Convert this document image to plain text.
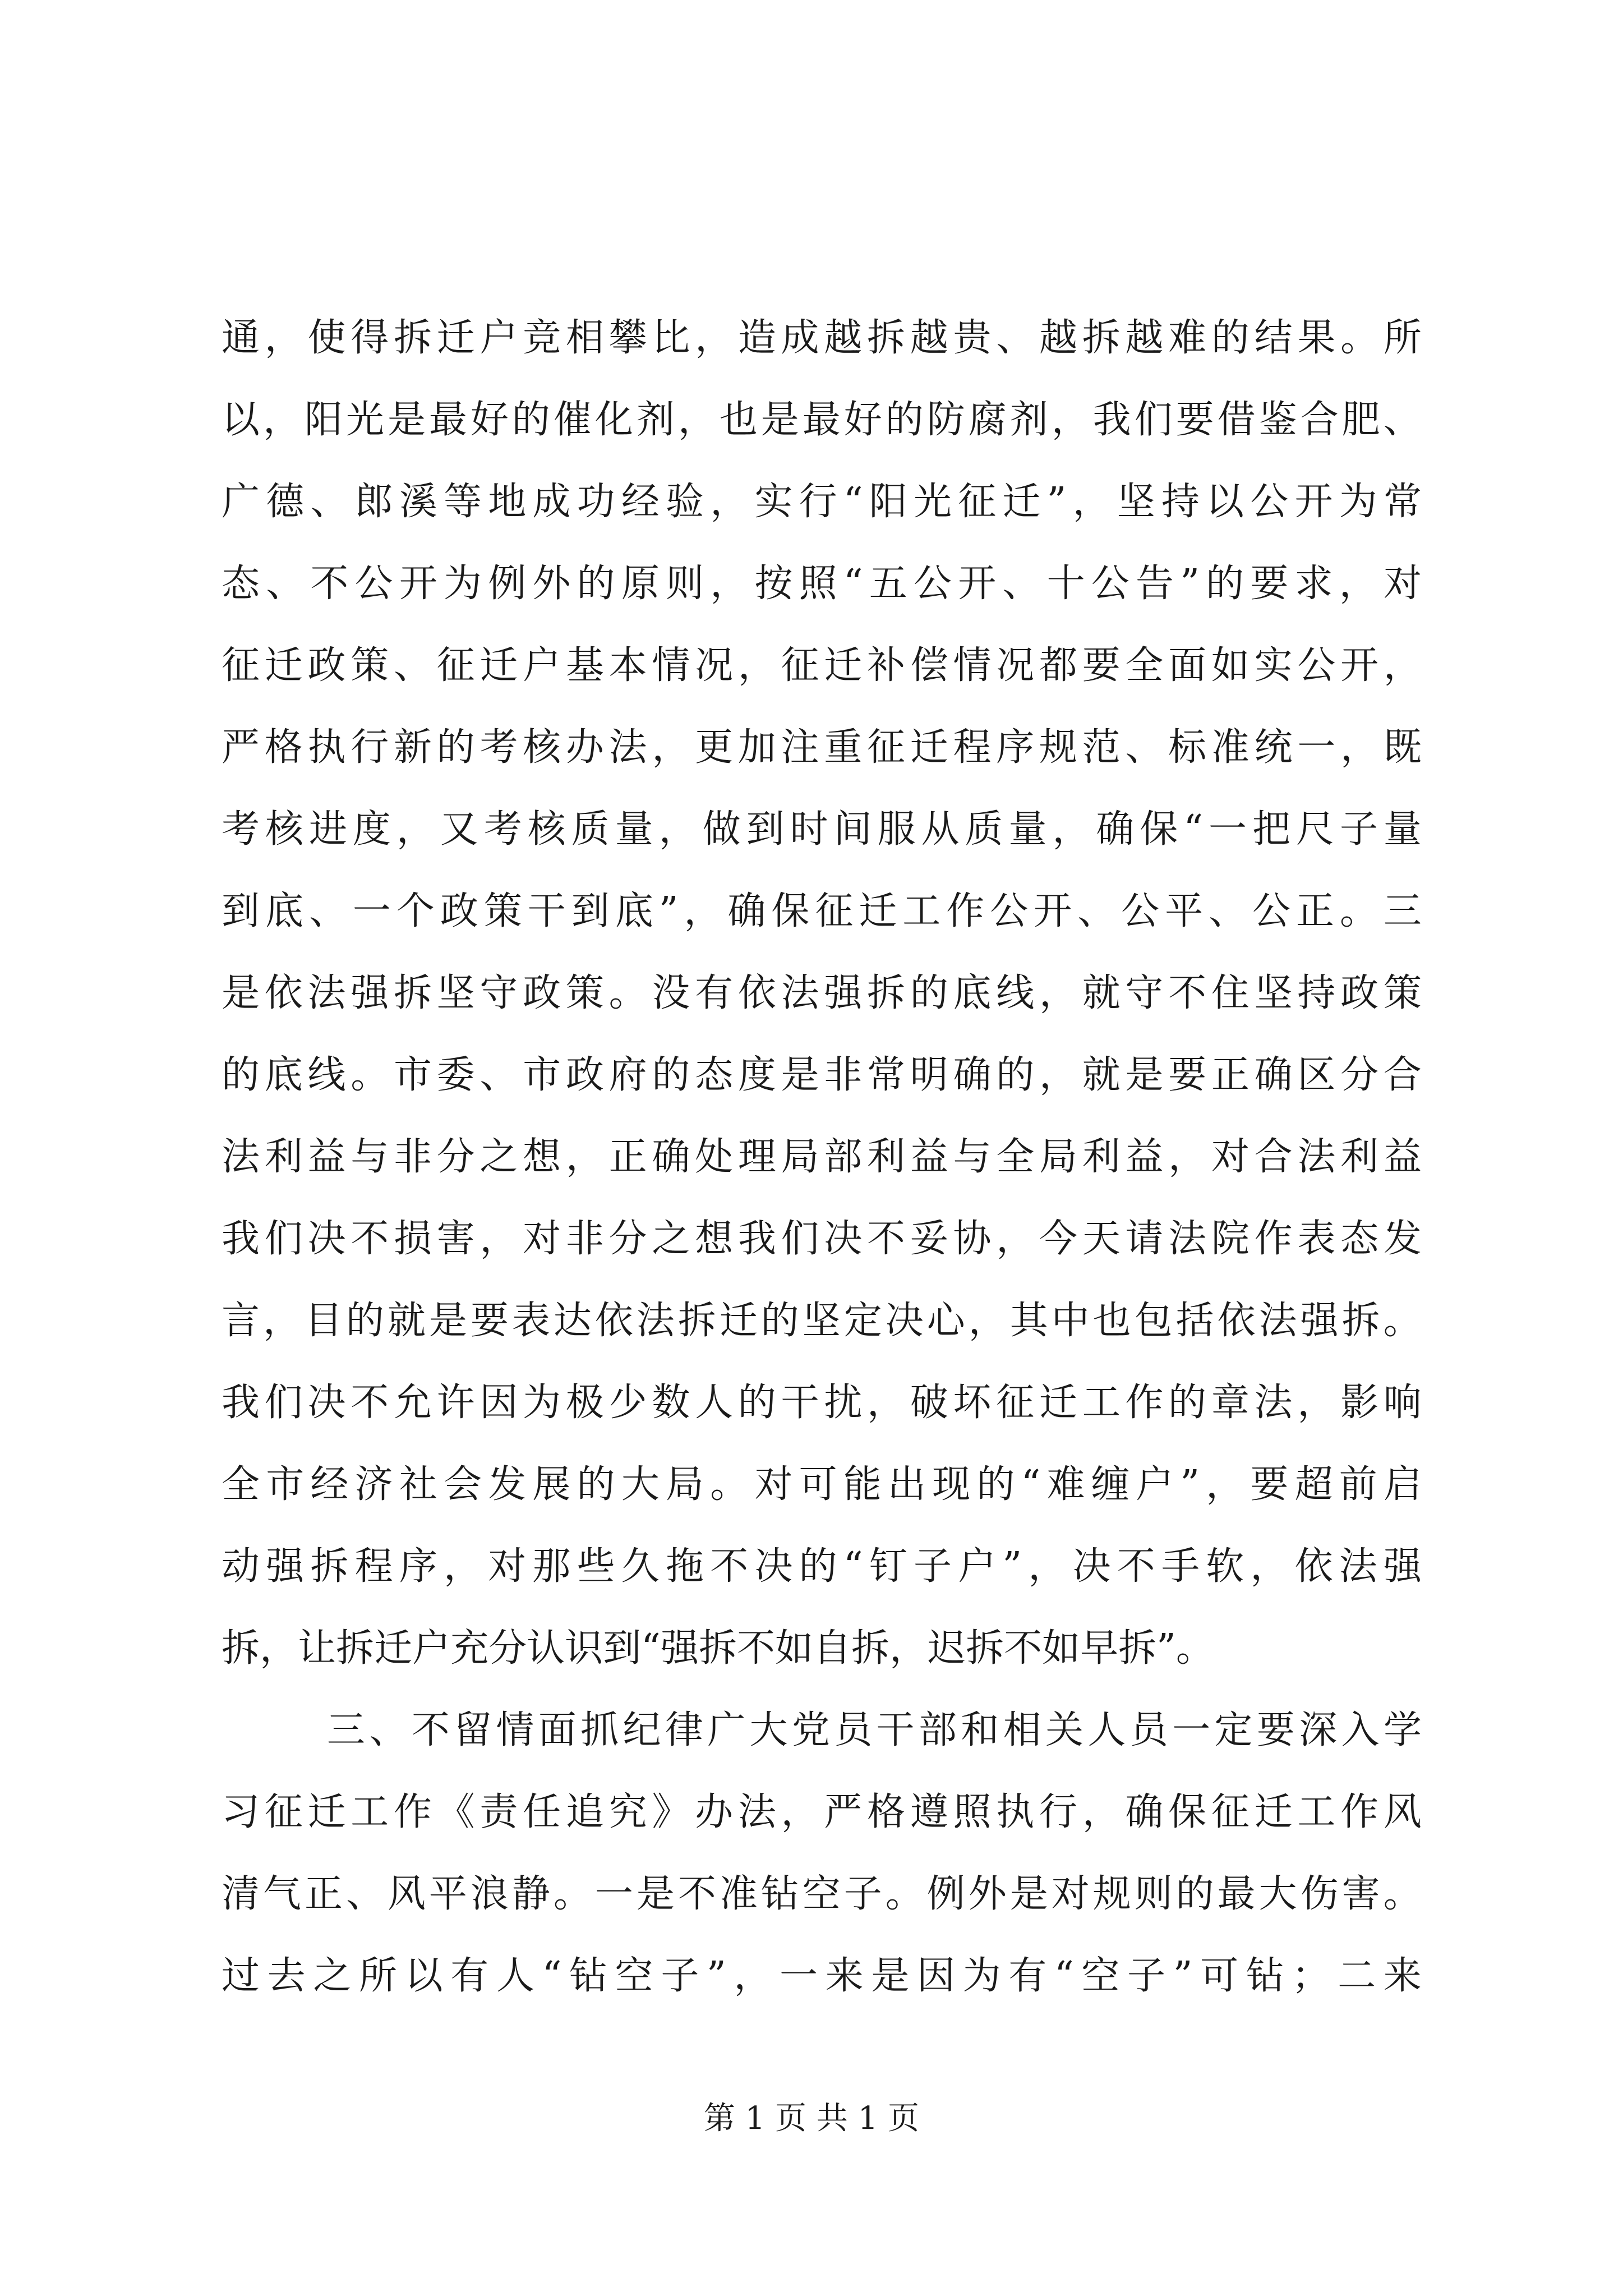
通 ， 使 得 拆 迁 户 竞 相 攀 比 ， 造 成 越 拆 越 贵 、 越 拆 越 难 的 结 果 。 所
以 ， 阳 光 是 最 好 的 催 化 剂 ， 也 是 最 好 的 防 腐 剂 ， 我 们 要 借 鉴 合 肥 、
广 德 、 郎 溪 等 地 成 功 经 验 ， 实 行 “ 阳 光 征 迁 ” ， 坚 持 以 公 开 为 常
态 、 不 公 开 为 例 外 的 原 则 ， 按 照 “ 五 公 开 、 十 公 告 ” 的 要 求 ， 对
征 迁 政 策 、 征 迁 户 基 本 情 况 ， 征 迁 补 偿 情 况 都 要 全 面 如 实 公 开 ，
严 格 执 行 新 的 考 核 办 法 ， 更 加 注 重 征 迁 程 序 规 范 、 标 准 统 一 ， 既
考 核 进 度 ， 又 考 核 质 量 ， 做 到 时 间 服 从 质 量 ， 确 保 “ 一 把 尺 子 量
到 底 、 一 个 政 策 干 到 底 ” ， 确 保 征 迁 工 作 公 开 、 公 平 、 公 正 。 三
是 依 法 强 拆 坚 守 政 策 。 没 有 依 法 强 拆 的 底 线 ， 就 守 不 住 坚 持 政 策
的 底 线 。 市 委 、 市 政 府 的 态 度 是 非 常 明 确 的 ， 就 是 要 正 确 区 分 合
法 利 益 与 非 分 之 想 ， 正 确 处 理 局 部 利 益 与 全 局 利 益 ， 对 合 法 利 益
我 们 决 不 损 害 ， 对 非 分 之 想 我 们 决 不 妥 协 ， 今 天 请 法 院 作 表 态 发
言 ， 目 的 就 是 要 表 达 依 法 拆 迁 的 坚 定 决 心 ， 其 中 也 包 括 依 法 强 拆 。
我 们 决 不 允 许 因 为 极 少 数 人 的 干 扰 ， 破 坏 征 迁 工 作 的 章 法 ， 影 响
全 市 经 济 社 会 发 展 的 大 局 。 对 可 能 出 现 的 “ 难 缠 户 ” ， 要 超 前 启
动 强 拆 程 序 ， 对 那 些 久 拖 不 决 的 “ 钉 子 户 ” ， 决 不 手 软 ， 依 法 强
拆 ， 让 拆 迁 户 充 分 认 识 到 “ 强 拆 不 如 自 拆 ， 迟 拆 不 如 早 拆 ” 。
三 、 不 留 情 面 抓 纪 律 广 大 党 员 干 部 和 相 关 人 员 一 定 要 深 入 学
习 征 迁 工 作 《 责 任 追 究 》 办 法 ， 严 格 遵 照 执 行 ， 确 保 征 迁 工 作 风
清 气 正 、 风 平 浪 静 。 一 是 不 准 钻 空 子 。 例 外 是 对 规 则 的 最 大 伤 害 。
过 去 之 所 以 有 人 “ 钻 空 子 ” ， 一 来 是 因 为 有 “ 空 子 ” 可 钻 ； 二 来
第 1 页 共 1 页
